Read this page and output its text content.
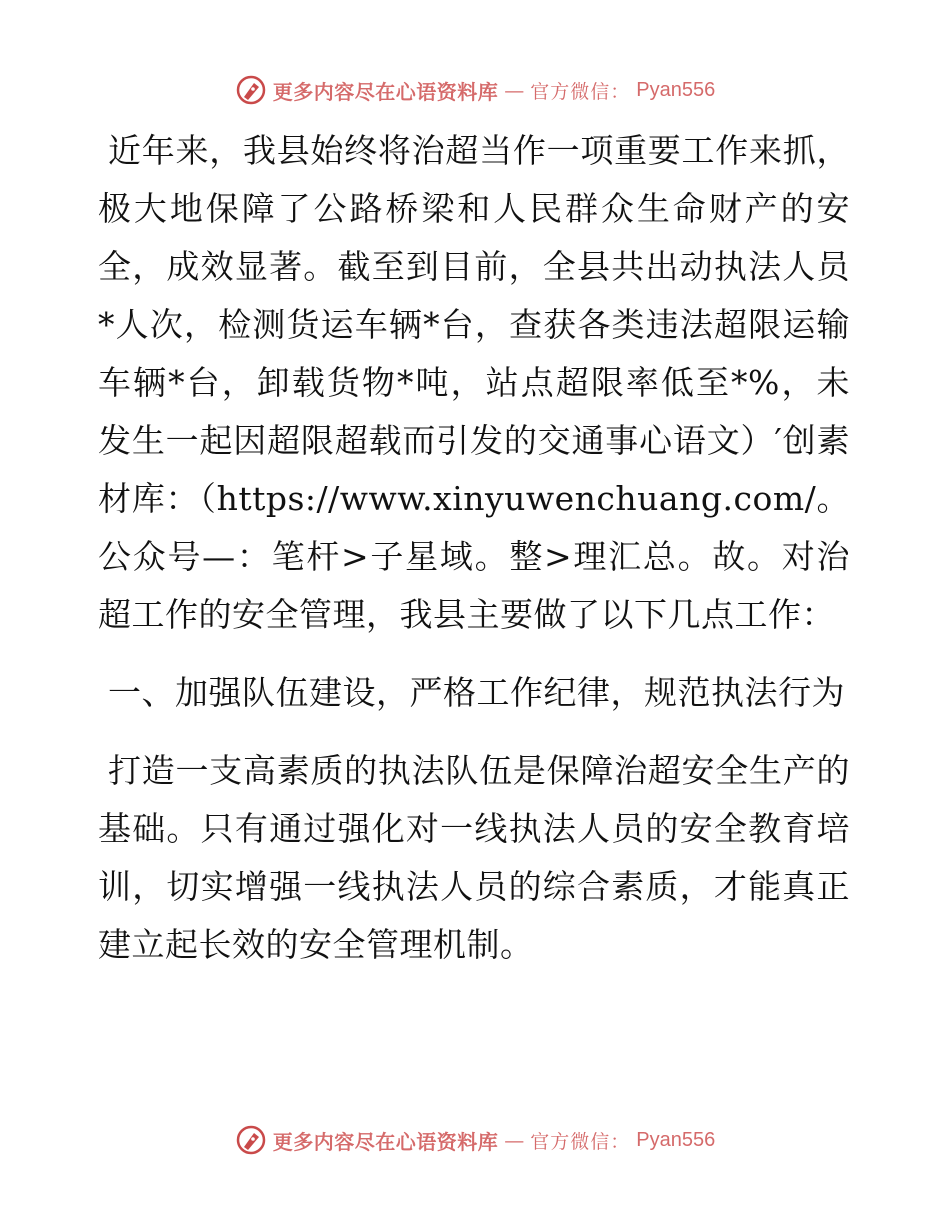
更多内容尽在心语资料库 — 官方微信： Pyan556

近年来，我县始终将治超当作一项重要工作来抓，极大地保障了公路桥梁和人民群众生命财产的安全，成效显著。截至到目前，全县共出动执法人员*人次，检测货运车辆*台，查获各类违法超限运输车辆*台，卸载货物*吨，站点超限率低至*%，未发生一起因超限超载而引发的交通事心语文）′创素材库：（https://www.xinyuwenchuang.com/。公众号—：笔杆>子星域。整>理汇总。故。对治超工作的安全管理，我县主要做了以下几点工作：

一、加强队伍建设，严格工作纪律，规范执法行为

打造一支高素质的执法队伍是保障治超安全生产的基础。只有通过强化对一线执法人员的安全教育培训，切实增强一线执法人员的综合素质，才能真正建立起长效的安全管理机制。

更多内容尽在心语资料库 — 官方微信： Pyan556
